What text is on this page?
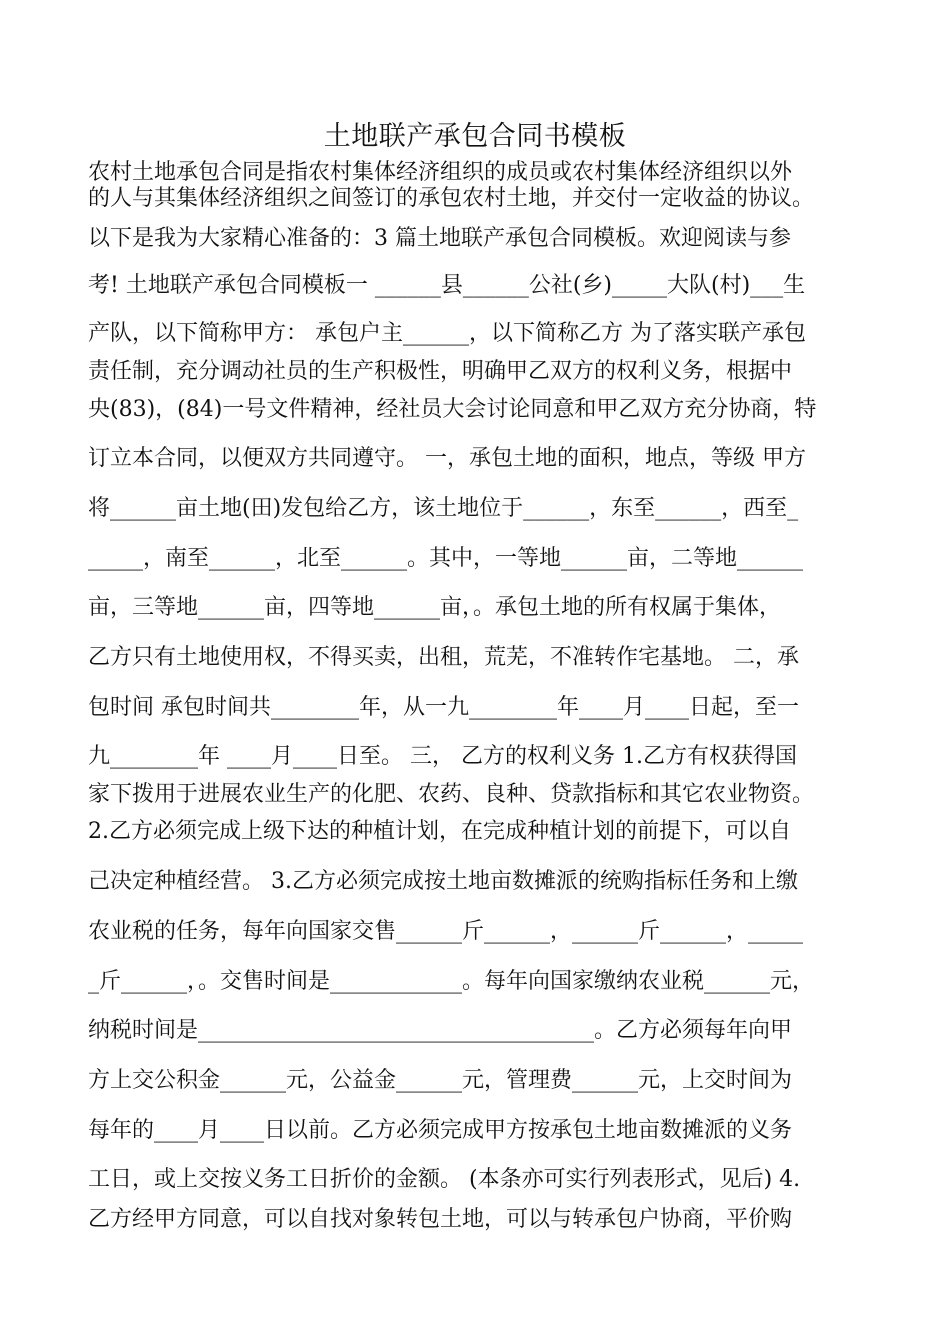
土地联产承包合同书模板
农村土地承包合同是指农村集体经济组织的成员或农村集体经济组织以外
的人与其集体经济组织之间签订的承包农村土地，并交付一定收益的协议。
以下是我为大家精心准备的：3 篇土地联产承包合同模板。欢迎阅读与参
考! 土地联产承包合同模板一 ______县______公社(乡)_____大队(村)___生
产队，以下简称甲方： 承包户主______，以下简称乙方 为了落实联产承包
责任制，充分调动社员的生产积极性，明确甲乙双方的权利义务，根据中
央(83)，(84)一号文件精神，经社员大会讨论同意和甲乙双方充分协商，特
订立本合同，以便双方共同遵守。 一，承包土地的面积，地点，等级 甲方
将______亩土地(田)发包给乙方，该土地位于______，东至______，西至_
_____，南至______，北至______。其中，一等地______亩，二等地______
亩，三等地______亩，四等地______亩，。承包土地的所有权属于集体，
乙方只有土地使用权，不得买卖，出租，荒芜，不准转作宅基地。 二，承
包时间 承包时间共________年，从一九________年____月____日起，至一
九________年 ____月____日至。 三， 乙方的权利义务 1.乙方有权获得国
家下拨用于进展农业生产的化肥、农药、良种、贷款指标和其它农业物资。
2.乙方必须完成上级下达的种植计划，在完成种植计划的前提下，可以自
己决定种植经营。 3.乙方必须完成按土地亩数摊派的统购指标任务和上缴
农业税的任务，每年向国家交售______斤______，______斤______，_____
_斤______，。交售时间是____________。每年向国家缴纳农业税______元，
纳税时间是____________________________________。乙方必须每年向甲
方上交公积金______元，公益金______元，管理费______元，上交时间为
每年的____月____日以前。乙方必须完成甲方按承包土地亩数摊派的义务
工日，或上交按义务工日折价的金额。 (本条亦可实行列表形式，见后) 4.
乙方经甲方同意，可以自找对象转包土地，可以与转承包户协商，平价购
